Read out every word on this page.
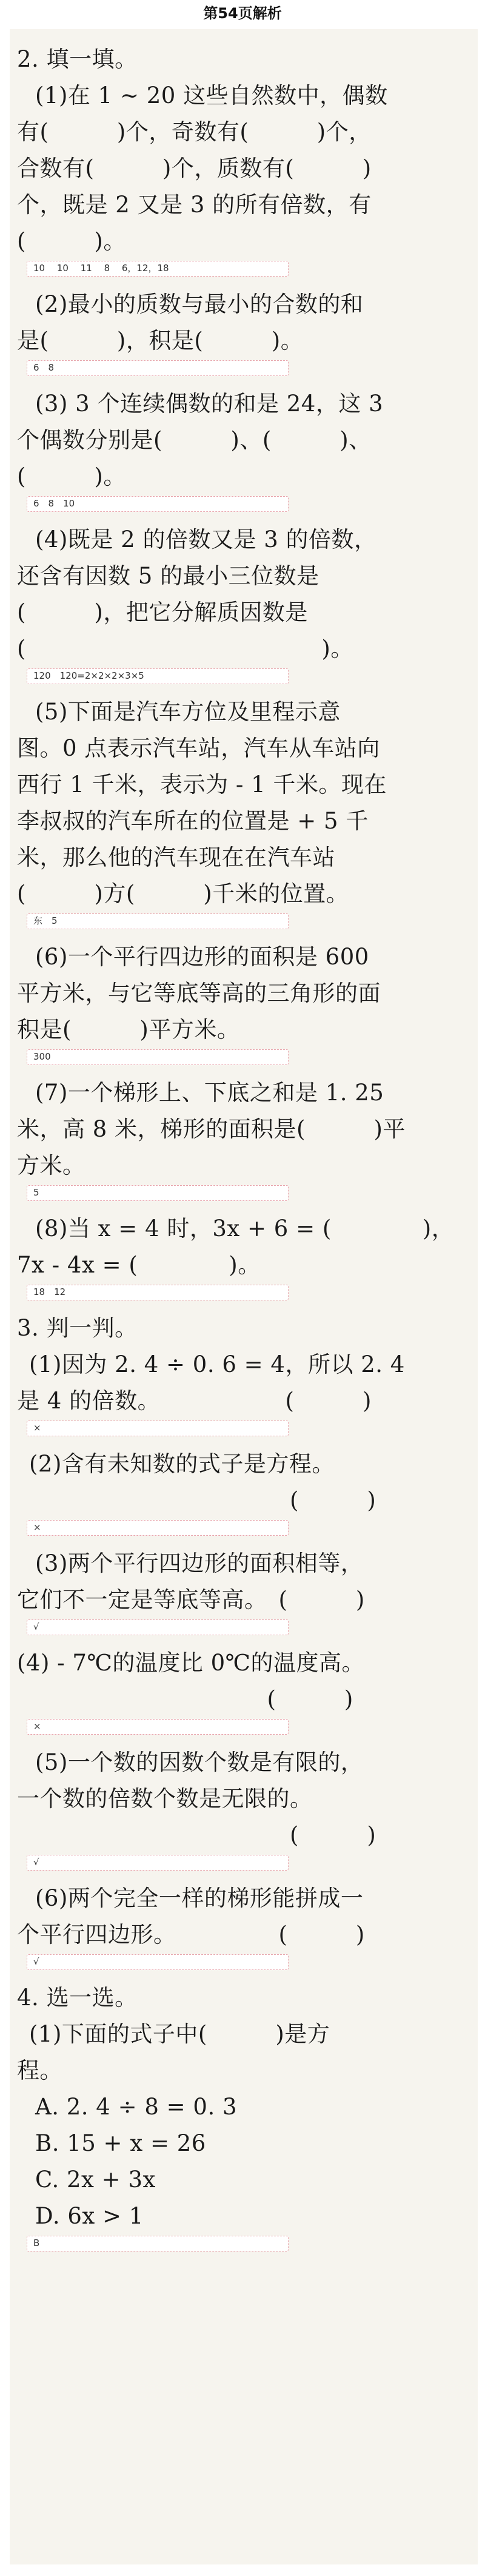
第54页解析
2. 填一填。
(1)在 1 ~ 20 这些自然数中，偶数
有(　　　)个，奇数有(　　　)个，
合数有(　　　)个，质数有(　　　)
个，既是 2 又是 3 的所有倍数，有
(　　　)。
10　 10　 11　 8　 6，12，18
(2)最小的质数与最小的合数的和
是(　　　)，积是(　　　)。
6　8
(3) 3 个连续偶数的和是 24，这 3
个偶数分别是(　　　)、(　　　)、
(　　　)。
6　8　10
(4)既是 2 的倍数又是 3 的倍数，
还含有因数 5 的最小三位数是
(　　　)，把它分解质因数是
(　　　　　　　　　　　　　)。
120　120=2×2×2×3×5
(5)下面是汽车方位及里程示意
图。0 点表示汽车站，汽车从车站向
西行 1 千米，表示为 - 1 千米。现在
李叔叔的汽车所在的位置是 + 5 千
米，那么他的汽车现在在汽车站
(　　　)方(　　　)千米的位置。
东　5
(6)一个平行四边形的面积是 600
平方米，与它等底等高的三角形的面
积是(　　　)平方米。
300
(7)一个梯形上、下底之和是 1. 25
米，高 8 米，梯形的面积是(　　　)平
方米。
5
(8)当 x = 4 时，3x + 6 = (　　　　)，
7x - 4x = (　　　　)。
18　12
3. 判一判。
(1)因为 2. 4 ÷ 0. 6 = 4，所以 2. 4
是 4 的倍数。　　　　　　(　　　)
×
(2)含有未知数的式子是方程。
　　　　　　　　　　　　(　　　)
×
(3)两个平行四边形的面积相等，
它们不一定是等底等高。　(　　　)
√
(4) - 7℃的温度比 0℃的温度高。
　　　　　　　　　　　(　　　)
×
(5)一个数的因数个数是有限的，
一个数的倍数个数是无限的。
　　　　　　　　　　　　(　　　)
√
(6)两个完全一样的梯形能拼成一
个平行四边形。　　　　　(　　　)
√
4. 选一选。
(1)下面的式子中(　　　)是方
程。
A. 2. 4 ÷ 8 = 0. 3
B. 15 + x = 26
C. 2x + 3x
D. 6x > 1
B
